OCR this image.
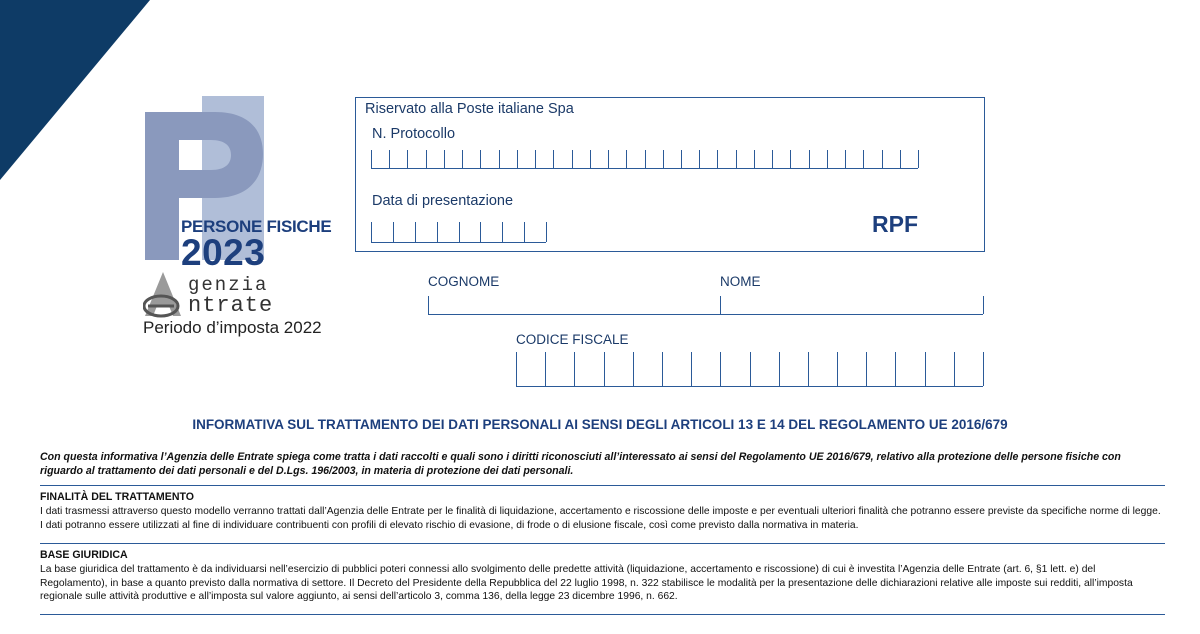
PERSONE FISICHE
2023
genzia
ntrate
Periodo d’imposta 2022
Riservato alla Poste italiane Spa
N. Protocollo
Data di presentazione
RPF
COGNOME	NOME
CODICE FISCALE
INFORMATIVA SUL TRATTAMENTO DEI DATI PERSONALI AI SENSI DEGLI ARTICOLI 13 E 14 DEL REGOLAMENTO UE 2016/679
Con questa informativa l’Agenzia delle Entrate spiega come tratta i dati raccolti e quali sono i diritti riconosciuti all’interessato ai sensi del Regolamento UE 2016/679, relativo alla protezione delle persone fisiche con riguardo al trattamento dei dati personali e del D.Lgs. 196/2003, in materia di protezione dei dati personali.
FINALITÀ DEL TRATTAMENTO
I dati trasmessi attraverso questo modello verranno trattati dall’Agenzia delle Entrate per le finalità di liquidazione, accertamento e riscossione delle imposte e per eventuali ulteriori finalità che potranno essere previste da specifiche norme di legge. I dati potranno essere utilizzati al fine di individuare contribuenti con profili di elevato rischio di evasione, di frode o di elusione fiscale, così come previsto dalla normativa in materia.
BASE GIURIDICA
La base giuridica del trattamento è da individuarsi nell’esercizio di pubblici poteri connessi allo svolgimento delle predette attività (liquidazione, accertamento e riscossione) di cui è investita l’Agenzia delle Entrate (art. 6, §1 lett. e) del Regolamento), in base a quanto previsto dalla normativa di settore. Il Decreto del Presidente della Repubblica del 22 luglio 1998, n. 322 stabilisce le modalità per la presentazione delle dichiarazioni relative alle imposte sui redditi, all’imposta regionale sulle attività produttive e all’imposta sul valore aggiunto, ai sensi dell’articolo 3, comma 136, della legge 23 dicembre 1996, n. 662.
